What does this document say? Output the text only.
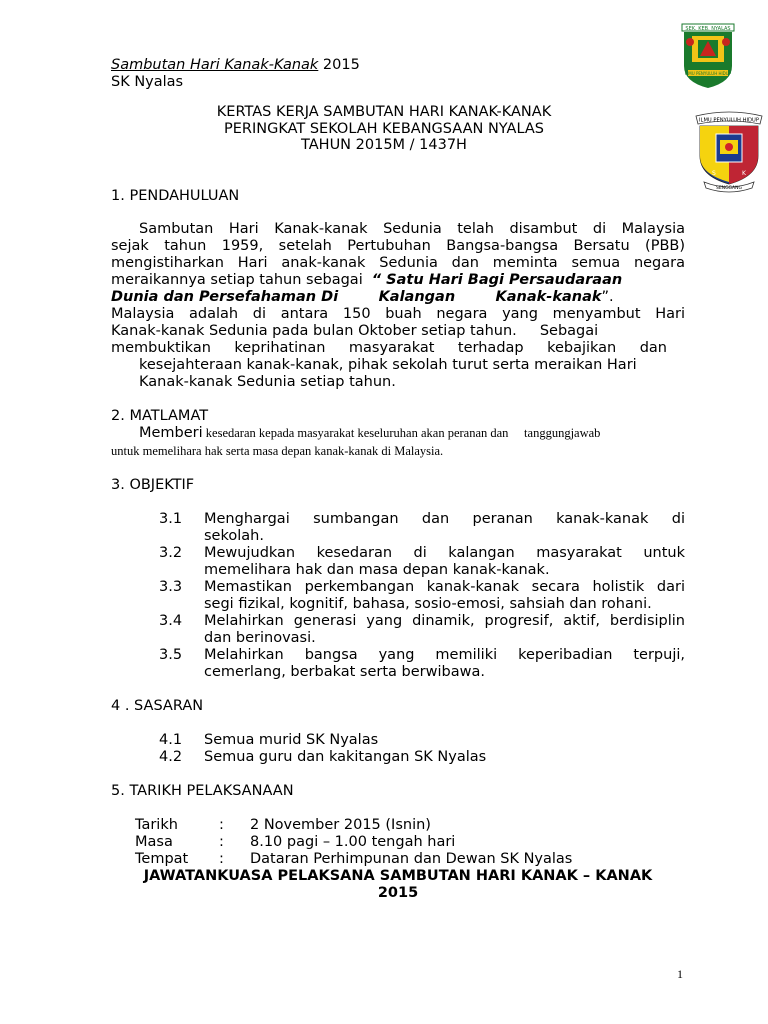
Sambutan Hari Kanak-Kanak 2015
SK Nyalas
SEK. KEB. NYALAS
ILMU PENYULUH HIDUP
ILMU PENYULUH HIDUP
S	K
SENGGANG
KERTAS KERJA SAMBUTAN HARI KANAK-KANAK
PERINGKAT SEKOLAH KEBANGSAAN NYALAS
TAHUN 2015M / 1437H
1. PENDAHULUAN
Sambutan Hari Kanak-kanak Sedunia telah disambut di Malaysia
sejak tahun 1959, setelah Pertubuhan Bangsa-bangsa Bersatu (PBB)
mengistiharkan Hari anak-kanak Sedunia dan meminta semua negara
meraikannya setiap tahun sebagai “ Satu Hari Bagi Persaudaraan
Dunia dan Persefahaman Di        Kalangan        Kanak-kanak”.
Malaysia adalah di antara 150 buah negara yang menyambut Hari
Kanak-kanak Sedunia pada bulan Oktober setiap tahun.     Sebagai
membuktikan keprihatinan masyarakat terhadap kebajikan dan
kesejahteraan kanak-kanak, pihak sekolah turut serta meraikan Hari
Kanak-kanak Sedunia setiap tahun.
2. MATLAMAT
Memberi kesedaran kepada masyarakat keseluruhan akan peranan dan     tanggungjawab
untuk memelihara hak serta masa depan kanak-kanak di Malaysia.
3. OBJEKTIF
3.1 Menghargai sumbangan dan peranan kanak-kanak di
sekolah.
3.2 Mewujudkan kesedaran di kalangan masyarakat untuk
memelihara hak dan masa depan kanak-kanak.
3.3 Memastikan perkembangan kanak-kanak secara holistik dari
segi fizikal, kognitif, bahasa, sosio-emosi, sahsiah dan rohani.
3.4 Melahirkan generasi yang dinamik, progresif, aktif, berdisiplin
dan berinovasi.
3.5 Melahirkan bangsa yang memiliki keperibadian terpuji,
cemerlang, berbakat serta berwibawa.
4 . SASARAN
4.1 Semua murid SK Nyalas
4.2 Semua guru dan kakitangan SK Nyalas
5. TARIKH PELAKSANAAN
Tarikh	: 2 November 2015 (Isnin)
Masa	: 8.10 pagi – 1.00 tengah hari
Tempat : Dataran Perhimpunan dan Dewan SK Nyalas
JAWATANKUASA PELAKSANA SAMBUTAN HARI KANAK – KANAK
2015
1
